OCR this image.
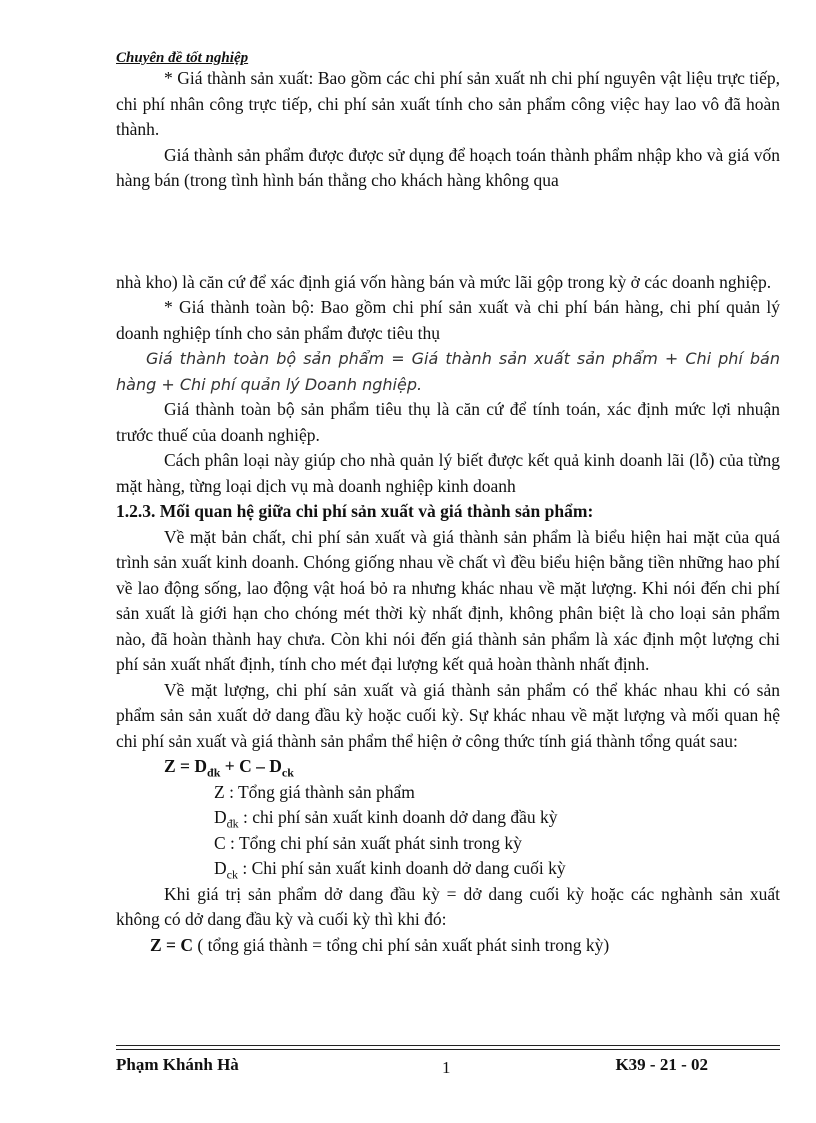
Chuyên đề tốt nghiệp

* Giá thành sản xuất: Bao gồm các chi phí sản xuất nh chi phí nguyên vật liệu trực tiếp, chi phí nhân công trực tiếp, chi phí sản xuất tính cho sản phẩm công việc hay lao vô đã hoàn thành.

Giá thành sản phẩm được được sử dụng để hoạch toán thành phẩm nhập kho và giá vốn hàng bán (trong tình hình bán thẳng cho khách hàng không qua

nhà kho) là căn cứ để xác định giá vốn hàng bán và mức lãi gộp trong kỳ ở các doanh nghiệp.

* Giá thành toàn bộ: Bao gồm chi phí sản xuất và chi phí bán hàng, chi phí quản lý doanh nghiệp tính cho sản phẩm được tiêu thụ

Giá thành toàn bộ sản phẩm = Giá thành sản xuất sản phẩm + Chi phí bán hàng + Chi phí quản lý Doanh nghiệp.

Giá thành toàn bộ sản phẩm tiêu thụ là căn cứ để tính toán, xác định mức lợi nhuận trước thuế của doanh nghiệp.

Cách phân loại này giúp cho nhà quản lý biết được kết quả kinh doanh lãi (lỗ) của từng mặt hàng, từng loại dịch vụ mà doanh nghiệp kinh doanh

1.2.3. Mối quan hệ giữa chi phí sản xuất và giá thành sản phẩm:

Về mặt bản chất, chi phí sản xuất và giá thành sản phẩm là biểu hiện hai mặt của quá trình sản xuất kinh doanh. Chóng giống nhau về chất vì đều biểu hiện bằng tiền những hao phí về lao động sống, lao động vật hoá bỏ ra nhưng khác nhau về mặt lượng. Khi nói đến chi phí sản xuất là giới hạn cho chóng mét thời kỳ nhất định, không phân biệt là cho loại sản phẩm nào, đã hoàn thành hay chưa. Còn khi nói đến giá thành sản phẩm là xác định một lượng chi phí sản xuất nhất định, tính cho mét đại lượng kết quả hoàn thành nhất định.

Về mặt lượng, chi phí sản xuất và giá thành sản phẩm có thể khác nhau khi có sản phẩm sản sản xuất dở dang đầu kỳ hoặc cuối kỳ. Sự khác nhau về mặt lượng và mối quan hệ chi phí sản xuất và giá thành sản phẩm thể hiện ở công thức tính giá thành tổng quát sau:

$Z = D_{đk} + C - D_{ck}$

Z : Tổng giá thành sản phẩm

$D_{đk}$ : chi phí sản xuất kinh doanh dở dang đầu kỳ

C : Tổng chi phí sản xuất phát sinh trong kỳ

$D_{ck}$ : Chi phí sản xuất kinh doanh dở dang cuối kỳ

Khi giá trị sản phẩm dở dang đầu kỳ = dở dang cuối kỳ hoặc các nghành sản xuất không có dở dang đầu kỳ và cuối kỳ thì khi đó:

Z = C ( tổng giá thành = tổng chi phí sản xuất phát sinh trong kỳ)

Phạm Khánh Hà	1	K39 - 21 - 02
